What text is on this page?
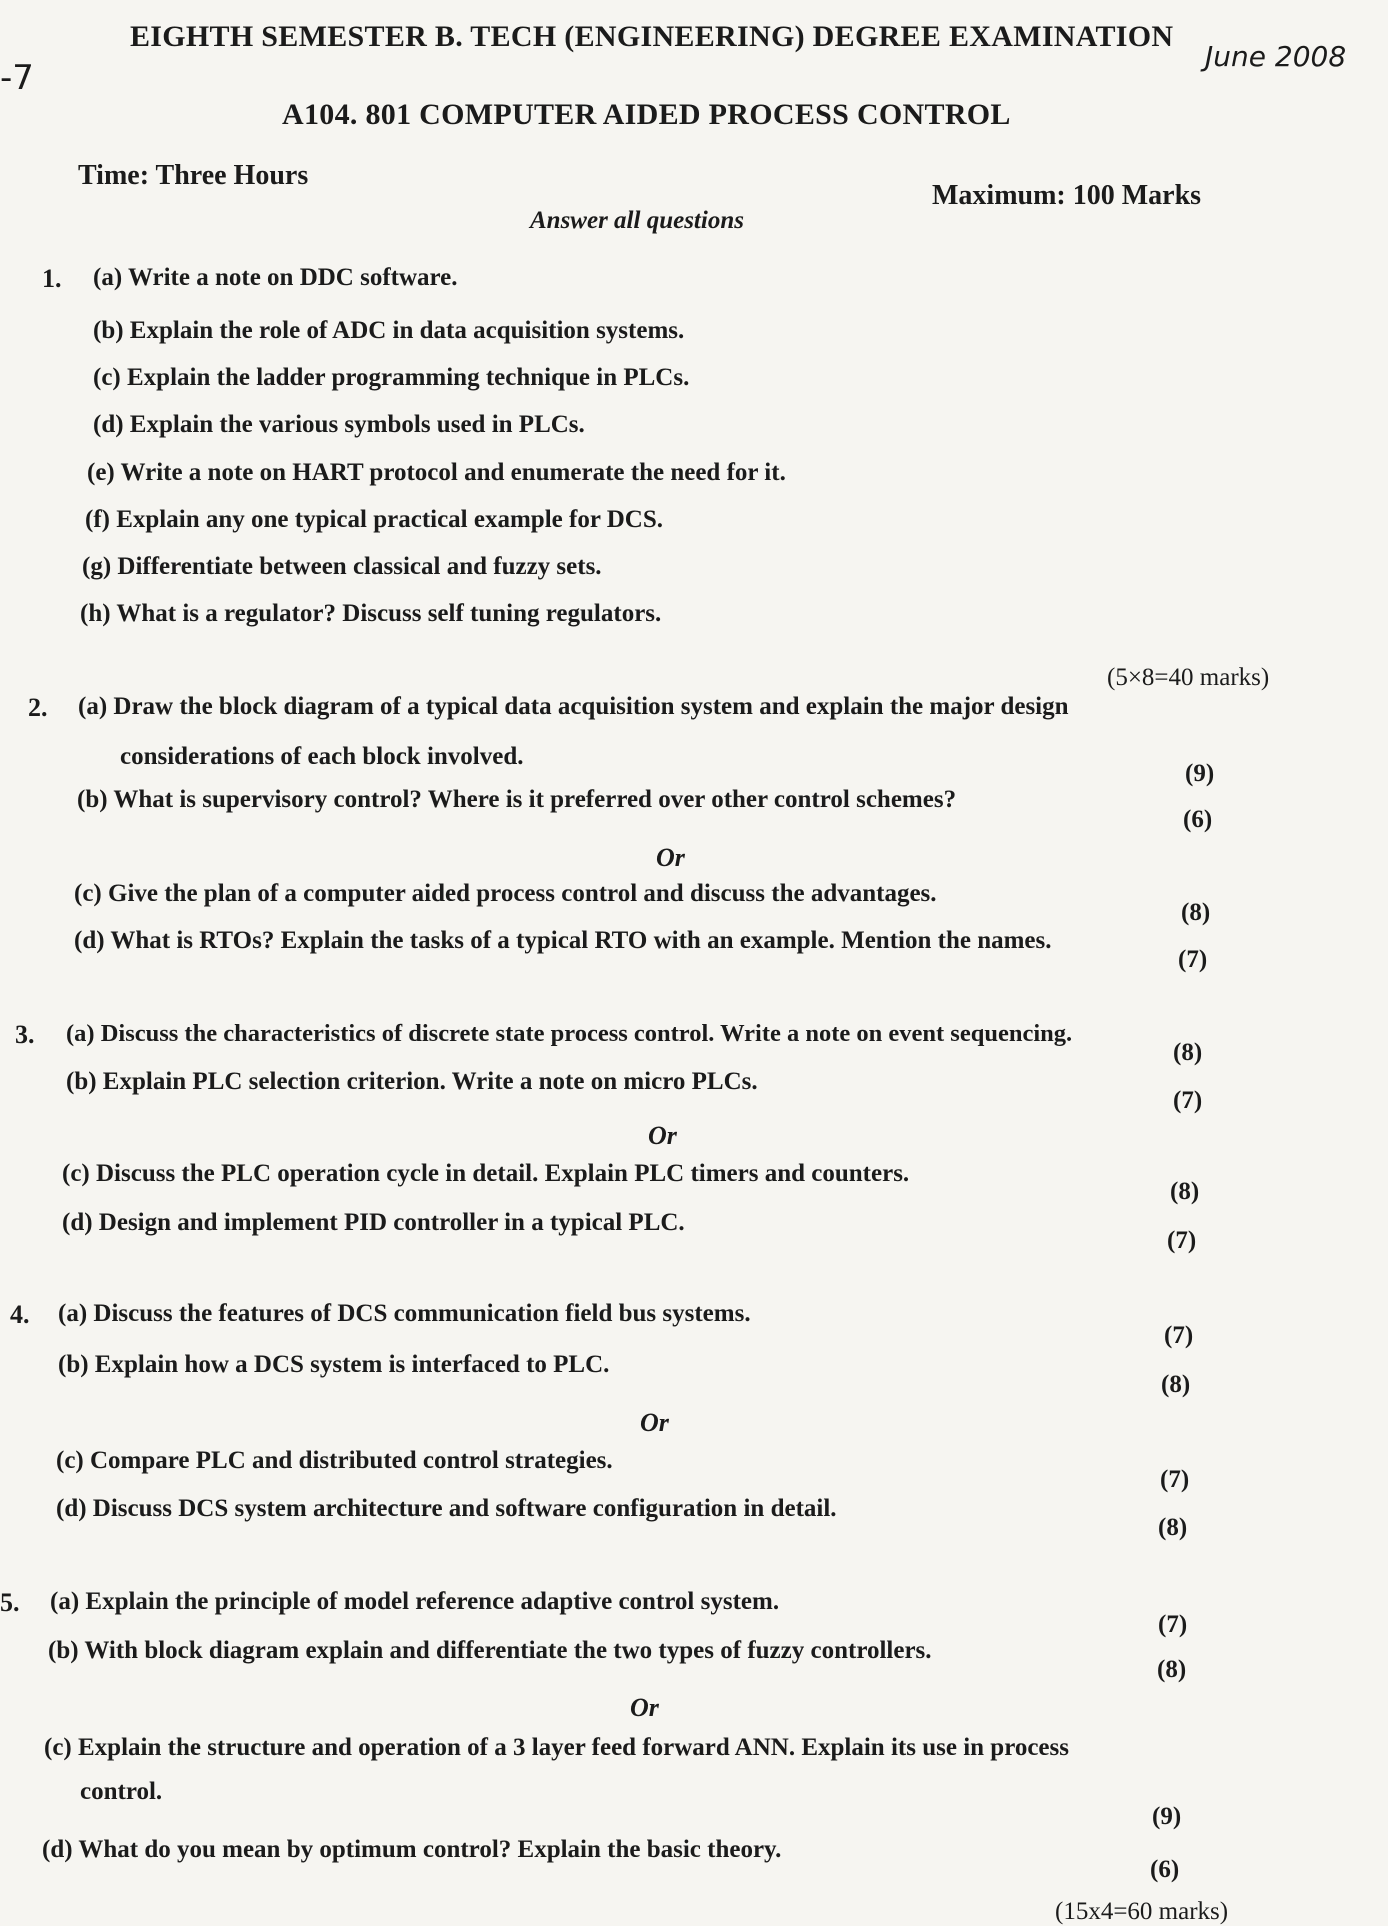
EIGHTH SEMESTER B. TECH (ENGINEERING) DEGREE EXAMINATION
June 2008
-7
A104. 801 COMPUTER AIDED PROCESS CONTROL
Time: Three Hours
Maximum: 100 Marks
Answer all questions
1. (a) Write a note on DDC software.
(b) Explain the role of ADC in data acquisition systems.
(c) Explain the ladder programming technique in PLCs.
(d) Explain the various symbols used in PLCs.
(e) Write a note on HART protocol and enumerate the need for it.
(f) Explain any one typical practical example for DCS.
(g) Differentiate between classical and fuzzy sets.
(h) What is a regulator? Discuss self tuning regulators.
(5×8=40 marks)
2. (a) Draw the block diagram of a typical data acquisition system and explain the major design
considerations of each block involved.
(9)
(b) What is supervisory control? Where is it preferred over other control schemes?
(6)
Or
(c) Give the plan of a computer aided process control and discuss the advantages.
(8)
(d) What is RTOs? Explain the tasks of a typical RTO with an example. Mention the names.
(7)
3. (a) Discuss the characteristics of discrete state process control. Write a note on event sequencing.
(8)
(b) Explain PLC selection criterion. Write a note on micro PLCs.
(7)
Or
(c) Discuss the PLC operation cycle in detail. Explain PLC timers and counters.
(8)
(d) Design and implement PID controller in a typical PLC.
(7)
4. (a) Discuss the features of DCS communication field bus systems.
(7)
(b) Explain how a DCS system is interfaced to PLC.
(8)
Or
(c) Compare PLC and distributed control strategies.
(7)
(d) Discuss DCS system architecture and software configuration in detail.
(8)
5. (a) Explain the principle of model reference adaptive control system.
(7)
(b) With block diagram explain and differentiate the two types of fuzzy controllers.
(8)
Or
(c) Explain the structure and operation of a 3 layer feed forward ANN. Explain its use in process
control.
(9)
(d) What do you mean by optimum control? Explain the basic theory.
(6)
(15x4=60 marks)
